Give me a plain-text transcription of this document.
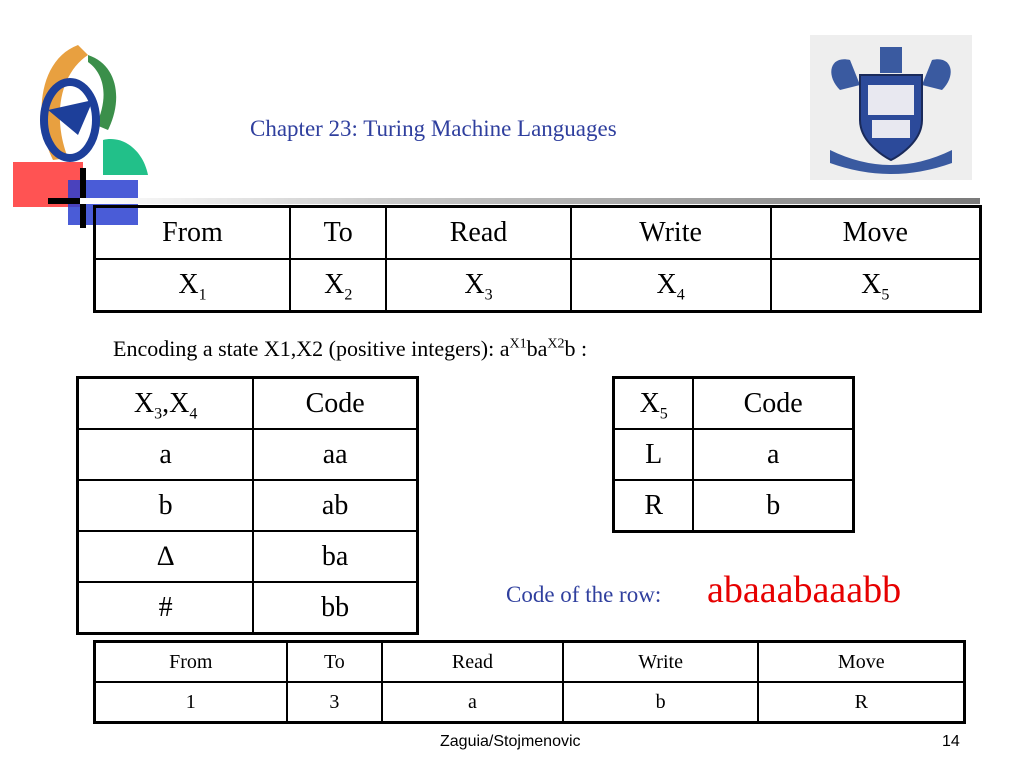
Chapter 23: Turing Machine Languages
From	To	Read	Write	Move
$X_1$	$X_2$	$X_3$	$X_4$	$X_5$
Encoding a state X1,X2 (positive integers): $a^{X1}ba^{X2}b$ :
$X_3,X_4$	Code
a	aa
b	ab
∆	ba
#	bb
$X_5$	Code
L	a
R	b
Code of the row: abaaabaaabb
From	To	Read	Write	Move
1	3	a	b	R
Zaguia/Stojmenovic	14
